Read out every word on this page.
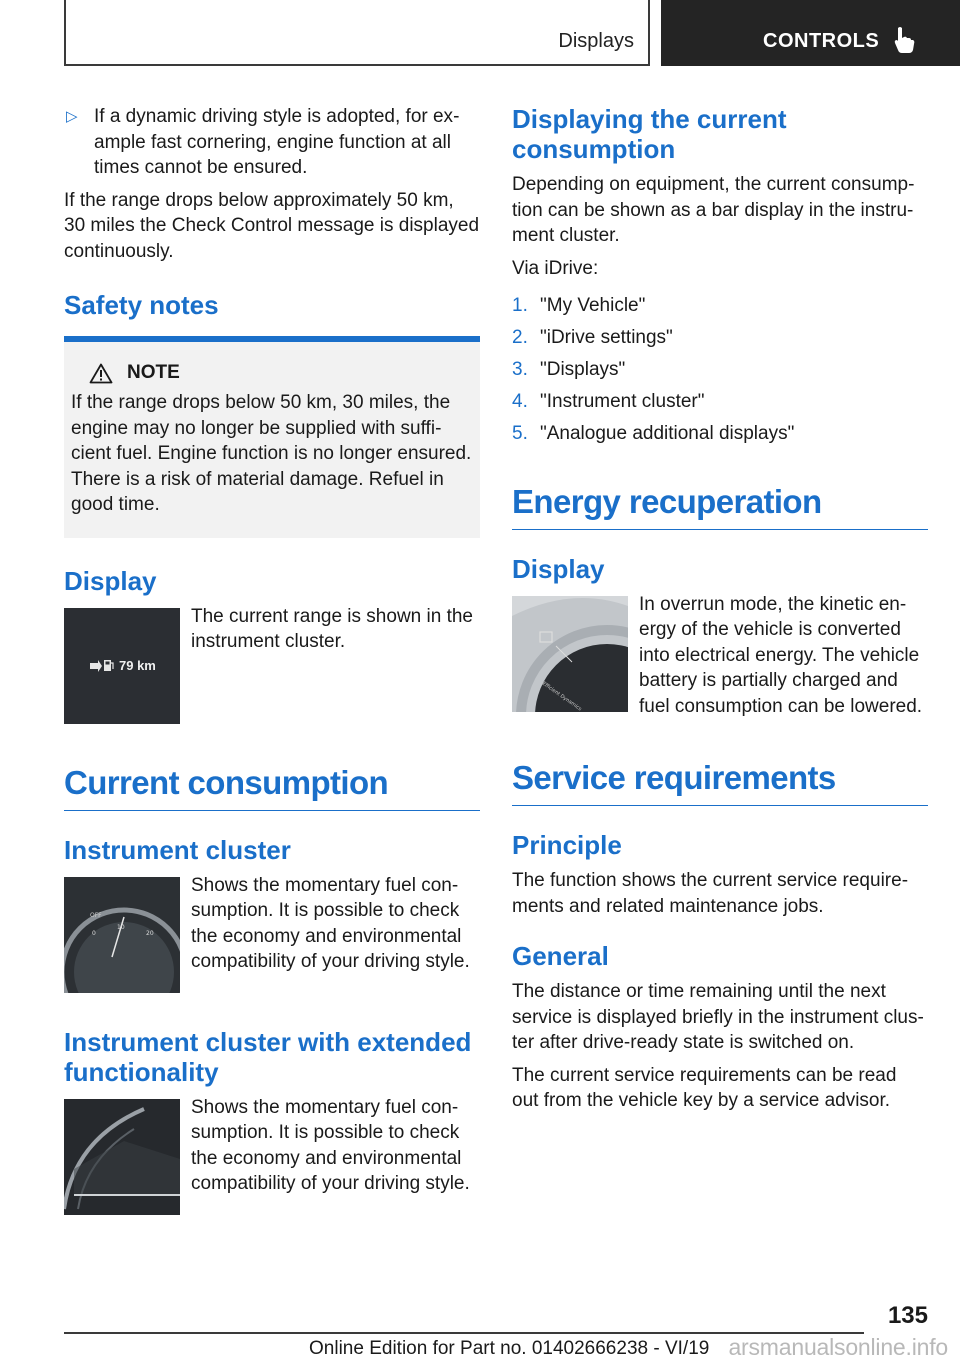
Displays	CONTROLS
▷ If a dynamic driving style is adopted, for example fast cornering, engine function at all times cannot be ensured.

If the range drops below approximately 50 km, 30 miles the Check Control message is displayed continuously.

Safety notes
NOTE

If the range drops below 50 km, 30 miles, the engine may no longer be supplied with sufficient fuel. Engine function is no longer ensured. There is a risk of material damage. Refuel in good time.

Display
79 km

The current range is shown in the instrument cluster.

Current consumption
Instrument cluster
OFF
0
10
20

Shows the momentary fuel consumption. It is possible to check the economy and environmental compatibility of your driving style.

Instrument cluster with extended functionality

Shows the momentary fuel consumption. It is possible to check the economy and environmental compatibility of your driving style.

Displaying the current consumption

Depending on equipment, the current consumption can be shown as a bar display in the instrument cluster.

Via iDrive:

1. "My Vehicle"
2. "iDrive settings"
3. "Displays"
4. "Instrument cluster"
5. "Analogue additional displays"
Energy recuperation
Display
Efficient Dynamics

In overrun mode, the kinetic energy of the vehicle is converted into electrical energy. The vehicle battery is partially charged and fuel consumption can be lowered.

Service requirements
Principle

The function shows the current service requirements and related maintenance jobs.

General

The distance or time remaining until the next service is displayed briefly in the instrument cluster after drive-ready state is switched on.

The current service requirements can be read out from the vehicle key by a service advisor.

135
Online Edition for Part no. 01402666238 - VI/19 arsmanualsonline.info
